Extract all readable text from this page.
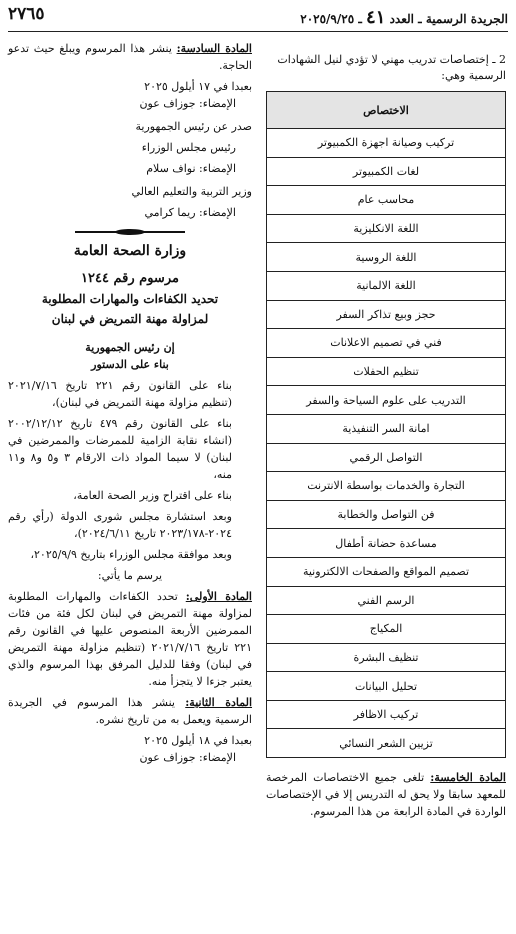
٢٧٦٥	الجريدة الرسمية ـ العدد ٤١ ـ ٢٠٢٥/٩/٢٥

2 ـ إختصاصات تدريب مهني لا تؤدي لنيل الشهادات الرسمية وهي:

الاختصاص
تركيب وصيانة اجهزة الكمبيوتر
لغات الكمبيوتر
محاسب عام
اللغة الانكليزية
اللغة الروسية
اللغة الالمانية
حجز وبيع تذاكر السفر
فني في تصميم الاعلانات
تنظيم الحفلات
التدريب على علوم السياحة والسفر
امانة السر التنفيذية
التواصل الرقمي
التجارة والخدمات بواسطة الانترنت
فن التواصل والخطابة
مساعدة حضانة أطفال
تصميم المواقع والصفحات الالكترونية
الرسم الفني
المكياج
تنظيف البشرة
تحليل البيانات
تركيب الاظافر
تزيين الشعر النسائي

المادة الخامسة: تلغى جميع الاختصاصات المرخصة للمعهد سابقا ولا يحق له التدريس إلا في الإختصاصات الواردة في المادة الرابعة من هذا المرسوم.

المادة السادسة: ينشر هذا المرسوم ويبلغ حيث تدعو الحاجة.

بعبدا في ١٧ أيلول ٢٠٢٥

الإمضاء: جوزاف عون

صدر عن رئيس الجمهورية

رئيس مجلس الوزراء

الإمضاء: نواف سلام

وزير التربية والتعليم العالي

الإمضاء: ريما كرامي

وزارة الصحة العامة

مرسوم رقم ١٢٤٤

تحديد الكفاءات والمهارات المطلوبة
لمزاولة مهنة التمريض في لبنان

إن رئيس الجمهورية

بناء على الدستور

بناء على القانون رقم ٢٢١ تاريخ ٢٠٢١/٧/١٦ (تنظيم مزاولة مهنة التمريض في لبنان)،

بناء على القانون رقم ٤٧٩ تاريخ ٢٠٠٢/١٢/١٢ (انشاء نقابة الزامية للممرضات والممرضين في لبنان) لا سيما المواد ذات الارقام ٣ و٥ و٨ و١١ منه،

بناء على اقتراح وزير الصحة العامة،

وبعد استشارة مجلس شورى الدولة (رأي رقم ٢٠٢٤-٢٠٢٣/١٧٨ تاريخ ٢٠٢٤/٦/١١)،

وبعد موافقة مجلس الوزراء بتاريخ ٢٠٢٥/٩/٩،

يرسم ما يأتي:

المادة الأولى: تحدد الكفاءات والمهارات المطلوبة لمزاولة مهنة التمريض في لبنان لكل فئة من فئات الممرضين الأربعة المنصوص عليها في القانون رقم ٢٢١ تاريخ ٢٠٢١/٧/١٦ (تنظيم مزاولة مهنة التمريض في لبنان) وفقا للدليل المرفق بهذا المرسوم والذي يعتبر جزءا لا يتجزأ منه.

المادة الثانية: ينشر هذا المرسوم في الجريدة الرسمية ويعمل به من تاريخ نشره.

بعبدا في ١٨ أيلول ٢٠٢٥

الإمضاء: جوزاف عون
